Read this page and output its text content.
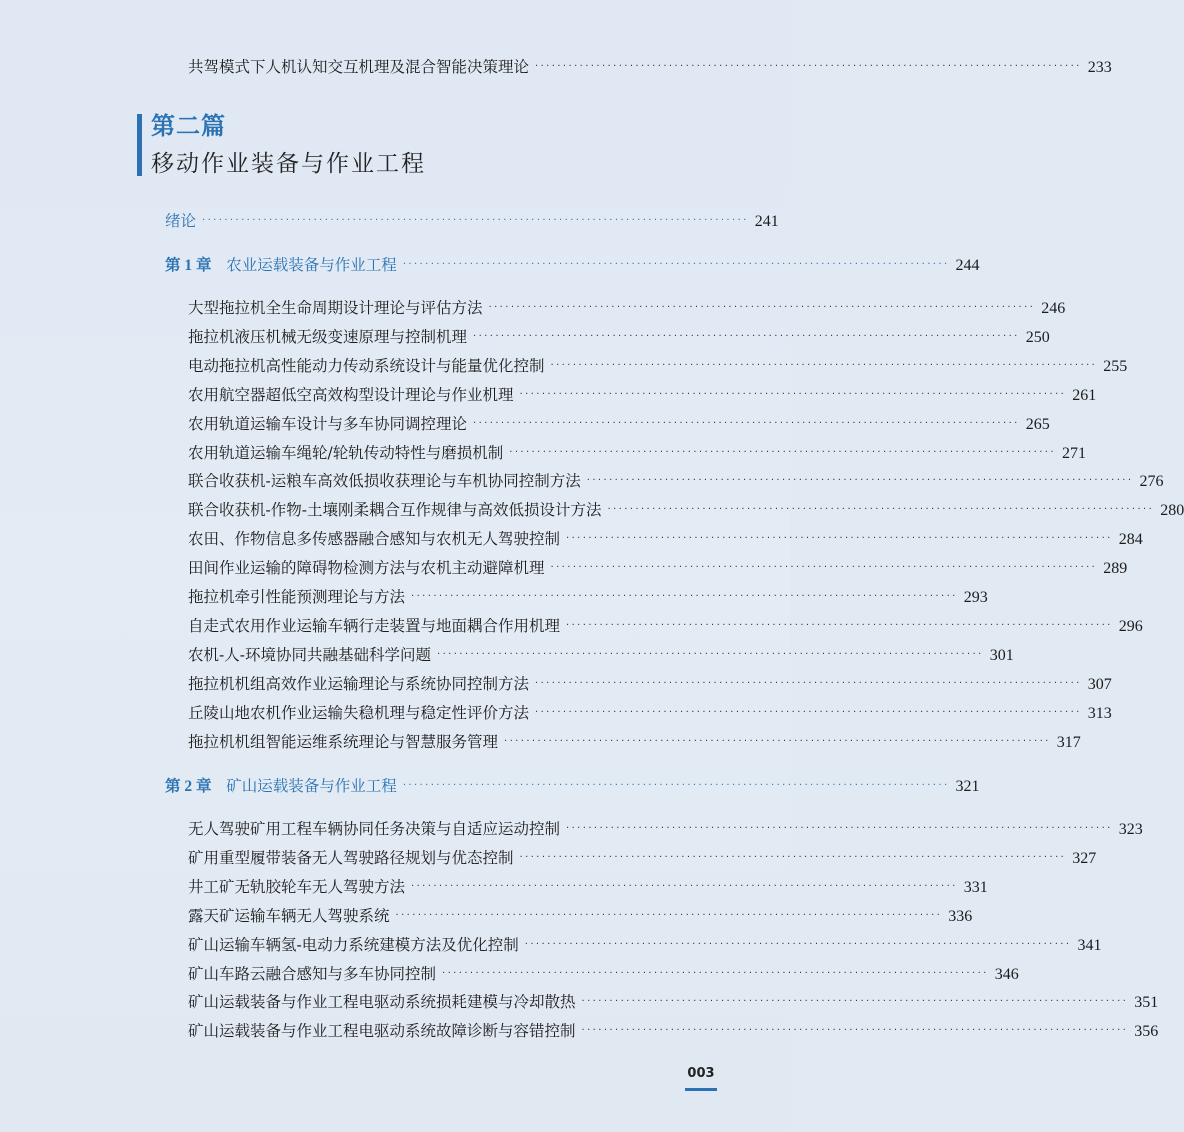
共驾模式下人机认知交互机理及混合智能决策理论 ·································································································· 233
第二篇
移动作业装备与作业工程
绪论 ·································································································· 241
第 1 章 农业运载装备与作业工程 ·································································································· 244
大型拖拉机全生命周期设计理论与评估方法 ·································································································· 246
拖拉机液压机械无级变速原理与控制机理 ·································································································· 250
电动拖拉机高性能动力传动系统设计与能量优化控制 ·································································································· 255
农用航空器超低空高效构型设计理论与作业机理 ·································································································· 261
农用轨道运输车设计与多车协同调控理论 ·································································································· 265
农用轨道运输车绳轮/轮轨传动特性与磨损机制 ·································································································· 271
联合收获机-运粮车高效低损收获理论与车机协同控制方法 ·································································································· 276
联合收获机-作物-土壤刚柔耦合互作规律与高效低损设计方法 ·································································································· 280
农田、作物信息多传感器融合感知与农机无人驾驶控制 ·································································································· 284
田间作业运输的障碍物检测方法与农机主动避障机理 ·································································································· 289
拖拉机牵引性能预测理论与方法 ·································································································· 293
自走式农用作业运输车辆行走装置与地面耦合作用机理 ·································································································· 296
农机-人-环境协同共融基础科学问题 ·································································································· 301
拖拉机机组高效作业运输理论与系统协同控制方法 ·································································································· 307
丘陵山地农机作业运输失稳机理与稳定性评价方法 ·································································································· 313
拖拉机机组智能运维系统理论与智慧服务管理 ·································································································· 317
第 2 章 矿山运载装备与作业工程 ·································································································· 321
无人驾驶矿用工程车辆协同任务决策与自适应运动控制 ·································································································· 323
矿用重型履带装备无人驾驶路径规划与优态控制 ·································································································· 327
井工矿无轨胶轮车无人驾驶方法 ·································································································· 331
露天矿运输车辆无人驾驶系统 ·································································································· 336
矿山运输车辆氢-电动力系统建模方法及优化控制 ·································································································· 341
矿山车路云融合感知与多车协同控制 ·································································································· 346
矿山运载装备与作业工程电驱动系统损耗建模与冷却散热 ·································································································· 351
矿山运载装备与作业工程电驱动系统故障诊断与容错控制 ·································································································· 356
003
